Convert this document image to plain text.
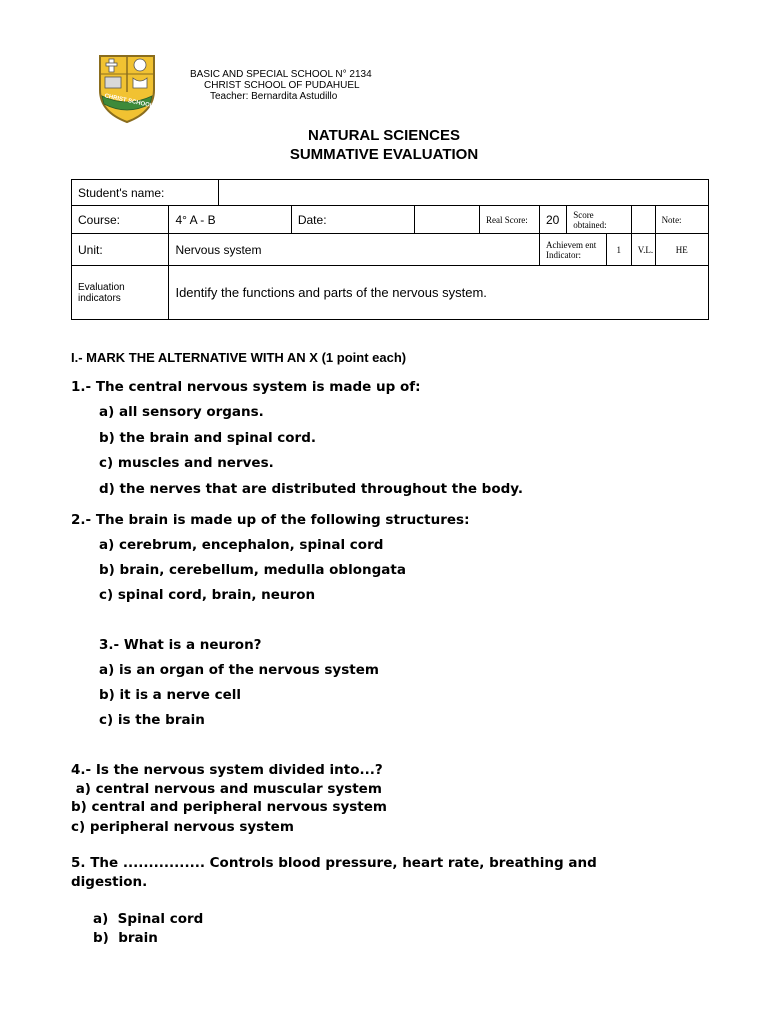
CHRIST SCHOOL
BASIC AND SPECIAL SCHOOL N° 2134
CHRIST SCHOOL OF PUDAHUEL
Teacher: Bernardita Astudillo
NATURAL SCIENCES
SUMMATIVE EVALUATION
Student's name:										
Course:	4° A - B		Date:		Real Score:	20	Score obtained:			Note:
Unit:	Nervous system					Achievem ent Indicator:		1	V.L.	HE
Evaluation indicators	Identify the functions and parts of the nervous system.									
I.- MARK THE ALTERNATIVE WITH AN X (1 point each)
1.- The central nervous system is made up of:
a) all sensory organs.
b) the brain and spinal cord.
c) muscles and nerves.
d) the nerves that are distributed throughout the body.
2.- The brain is made up of the following structures:
a) cerebrum, encephalon, spinal cord
b) brain, cerebellum, medulla oblongata
c) spinal cord, brain, neuron
3.- What is a neuron?
a) is an organ of the nervous system
b) it is a nerve cell
c) is the brain
4.- Is the nervous system divided into...?
a) central nervous and muscular system
b) central and peripheral nervous system
c) peripheral nervous system
5. The ................ Controls blood pressure, heart rate, breathing and
digestion.
a)  Spinal cord
b)  brain
